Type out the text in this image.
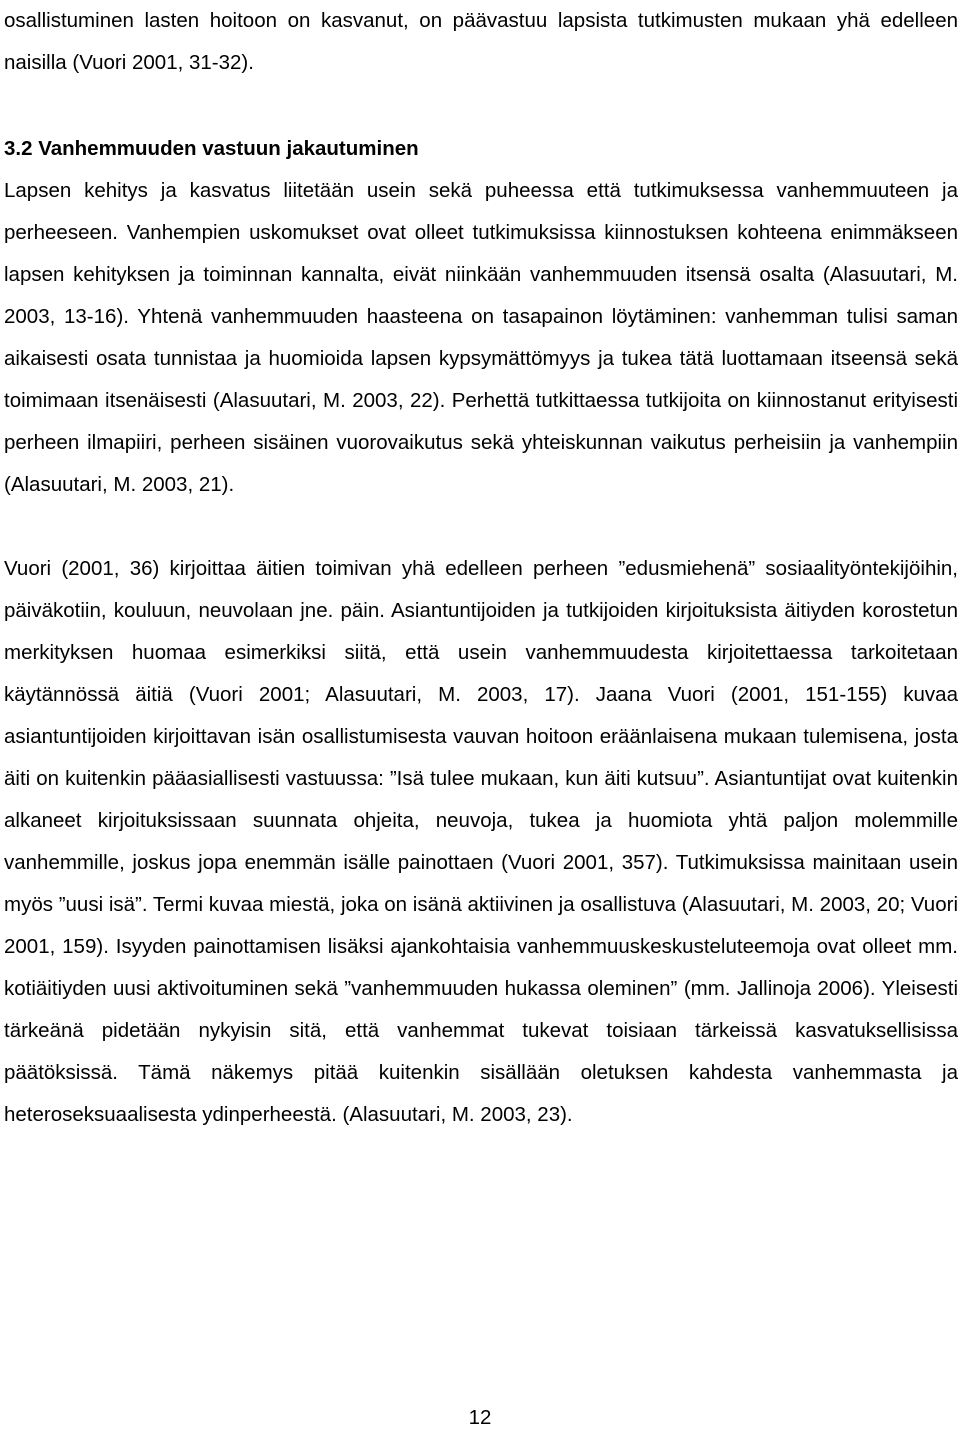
osallistuminen lasten hoitoon on kasvanut, on päävastuu lapsista tutkimusten mukaan yhä edelleen naisilla (Vuori 2001, 31-32).

3.2 Vanhemmuuden vastuun jakautuminen

Lapsen kehitys ja kasvatus liitetään usein sekä puheessa että tutkimuksessa vanhemmuuteen ja perheeseen. Vanhempien uskomukset ovat olleet tutkimuksissa kiinnostuksen kohteena enimmäkseen lapsen kehityksen ja toiminnan kannalta, eivät niinkään vanhemmuuden itsensä osalta (Alasuutari, M. 2003, 13-16). Yhtenä vanhemmuuden haasteena on tasapainon löytäminen: vanhemman tulisi saman aikaisesti osata tunnistaa ja huomioida lapsen kypsymättömyys ja tukea tätä luottamaan itseensä sekä toimimaan itsenäisesti (Alasuutari, M. 2003, 22). Perhettä tutkittaessa tutkijoita on kiinnostanut erityisesti perheen ilmapiiri, perheen sisäinen vuorovaikutus sekä yhteiskunnan vaikutus perheisiin ja vanhempiin (Alasuutari, M. 2003, 21).

Vuori (2001, 36) kirjoittaa äitien toimivan yhä edelleen perheen ”edusmiehenä” sosiaalityöntekijöihin, päiväkotiin, kouluun, neuvolaan jne. päin. Asiantuntijoiden ja tutkijoiden kirjoituksista äitiyden korostetun merkityksen huomaa esimerkiksi siitä, että usein vanhemmuudesta kirjoitettaessa tarkoitetaan käytännössä äitiä (Vuori 2001; Alasuutari, M. 2003, 17). Jaana Vuori (2001, 151-155) kuvaa asiantuntijoiden kirjoittavan isän osallistumisesta vauvan hoitoon eräänlaisena mukaan tulemisena, josta äiti on kuitenkin pääasiallisesti vastuussa: ”Isä tulee mukaan, kun äiti kutsuu”. Asiantuntijat ovat kuitenkin alkaneet kirjoituksissaan suunnata ohjeita, neuvoja, tukea ja huomiota yhtä paljon molemmille vanhemmille, joskus jopa enemmän isälle painottaen (Vuori 2001, 357). Tutkimuksissa mainitaan usein myös ”uusi isä”. Termi kuvaa miestä, joka on isänä aktiivinen ja osallistuva (Alasuutari, M. 2003, 20; Vuori 2001, 159). Isyyden painottamisen lisäksi ajankohtaisia vanhemmuuskeskusteluteemoja ovat olleet mm. kotiäitiyden uusi aktivoituminen sekä ”vanhemmuuden hukassa oleminen” (mm. Jallinoja 2006). Yleisesti tärkeänä pidetään nykyisin sitä, että vanhemmat tukevat toisiaan tärkeissä kasvatuksellisissa päätöksissä. Tämä näkemys pitää kuitenkin sisällään oletuksen kahdesta vanhemmasta ja heteroseksuaalisesta ydinperheestä. (Alasuutari, M. 2003, 23).

12
